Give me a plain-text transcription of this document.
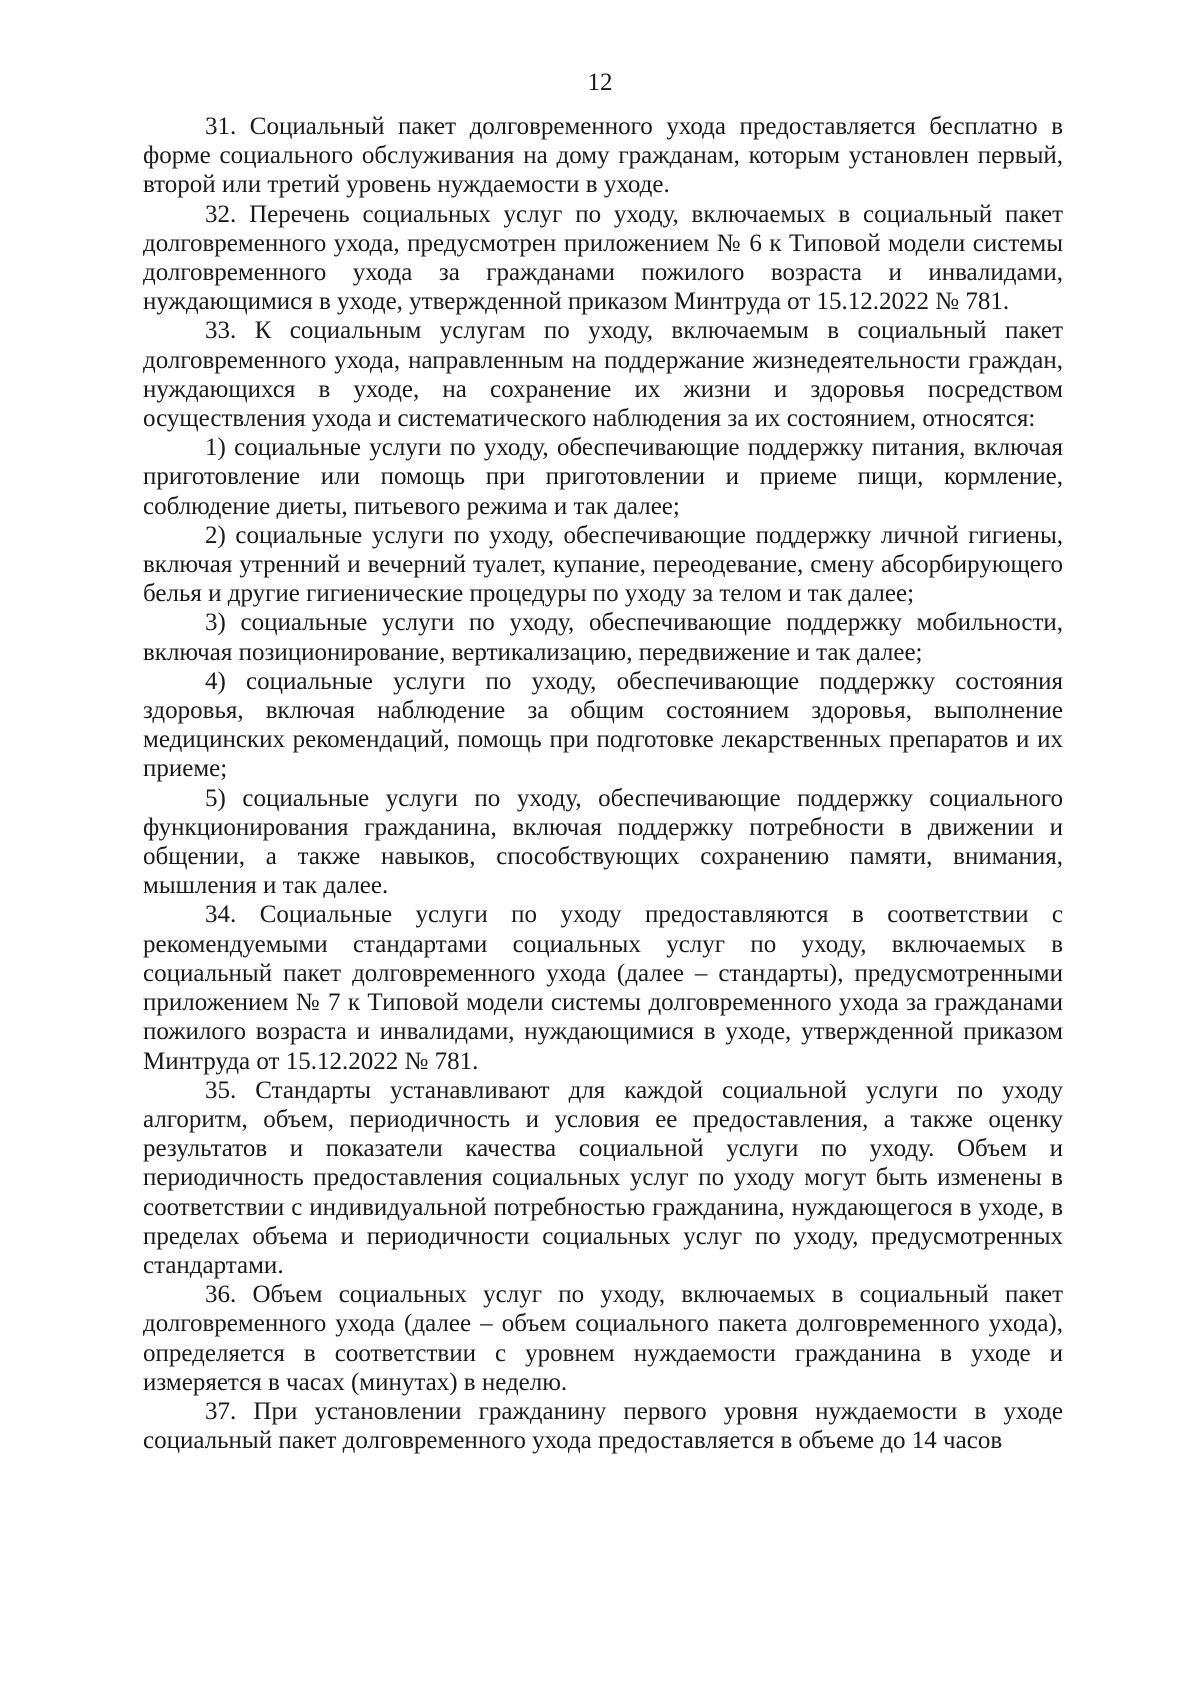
12

31. Социальный пакет долговременного ухода предоставляется бесплатно в форме социального обслуживания на дому гражданам, которым установлен первый, второй или третий уровень нуждаемости в уходе.

32. Перечень социальных услуг по уходу, включаемых в социальный пакет долговременного ухода, предусмотрен приложением № 6 к Типовой модели системы долговременного ухода за гражданами пожилого возраста и инвалидами, нуждающимися в уходе, утвержденной приказом Минтруда от 15.12.2022 № 781.

33. К социальным услугам по уходу, включаемым в социальный пакет долговременного ухода, направленным на поддержание жизнедеятельности граждан, нуждающихся в уходе, на сохранение их жизни и здоровья посредством осуществления ухода и систематического наблюдения за их состоянием, относятся:

1) социальные услуги по уходу, обеспечивающие поддержку питания, включая приготовление или помощь при приготовлении и приеме пищи, кормление, соблюдение диеты, питьевого режима и так далее;

2) социальные услуги по уходу, обеспечивающие поддержку личной гигиены, включая утренний и вечерний туалет, купание, переодевание, смену абсорбирующего белья и другие гигиенические процедуры по уходу за телом и так далее;

3) социальные услуги по уходу, обеспечивающие поддержку мобильности, включая позиционирование, вертикализацию, передвижение и так далее;

4) социальные услуги по уходу, обеспечивающие поддержку состояния здоровья, включая наблюдение за общим состоянием здоровья, выполнение медицинских рекомендаций, помощь при подготовке лекарственных препаратов и их приеме;

5) социальные услуги по уходу, обеспечивающие поддержку социального функционирования гражданина, включая поддержку потребности в движении и общении, а также навыков, способствующих сохранению памяти, внимания, мышления и так далее.

34. Социальные услуги по уходу предоставляются в соответствии с рекомендуемыми стандартами социальных услуг по уходу, включаемых в социальный пакет долговременного ухода (далее – стандарты), предусмотренными приложением № 7 к Типовой модели системы долговременного ухода за гражданами пожилого возраста и инвалидами, нуждающимися в уходе, утвержденной приказом Минтруда от 15.12.2022 № 781.

35. Стандарты устанавливают для каждой социальной услуги по уходу алгоритм, объем, периодичность и условия ее предоставления, а также оценку результатов и показатели качества социальной услуги по уходу. Объем и периодичность предоставления социальных услуг по уходу могут быть изменены в соответствии с индивидуальной потребностью гражданина, нуждающегося в уходе, в пределах объема и периодичности социальных услуг по уходу, предусмотренных стандартами.

36. Объем социальных услуг по уходу, включаемых в социальный пакет долговременного ухода (далее – объем социального пакета долговременного ухода), определяется в соответствии с уровнем нуждаемости гражданина в уходе и измеряется в часах (минутах) в неделю.

37. При установлении гражданину первого уровня нуждаемости в уходе социальный пакет долговременного ухода предоставляется в объеме до 14 часов
